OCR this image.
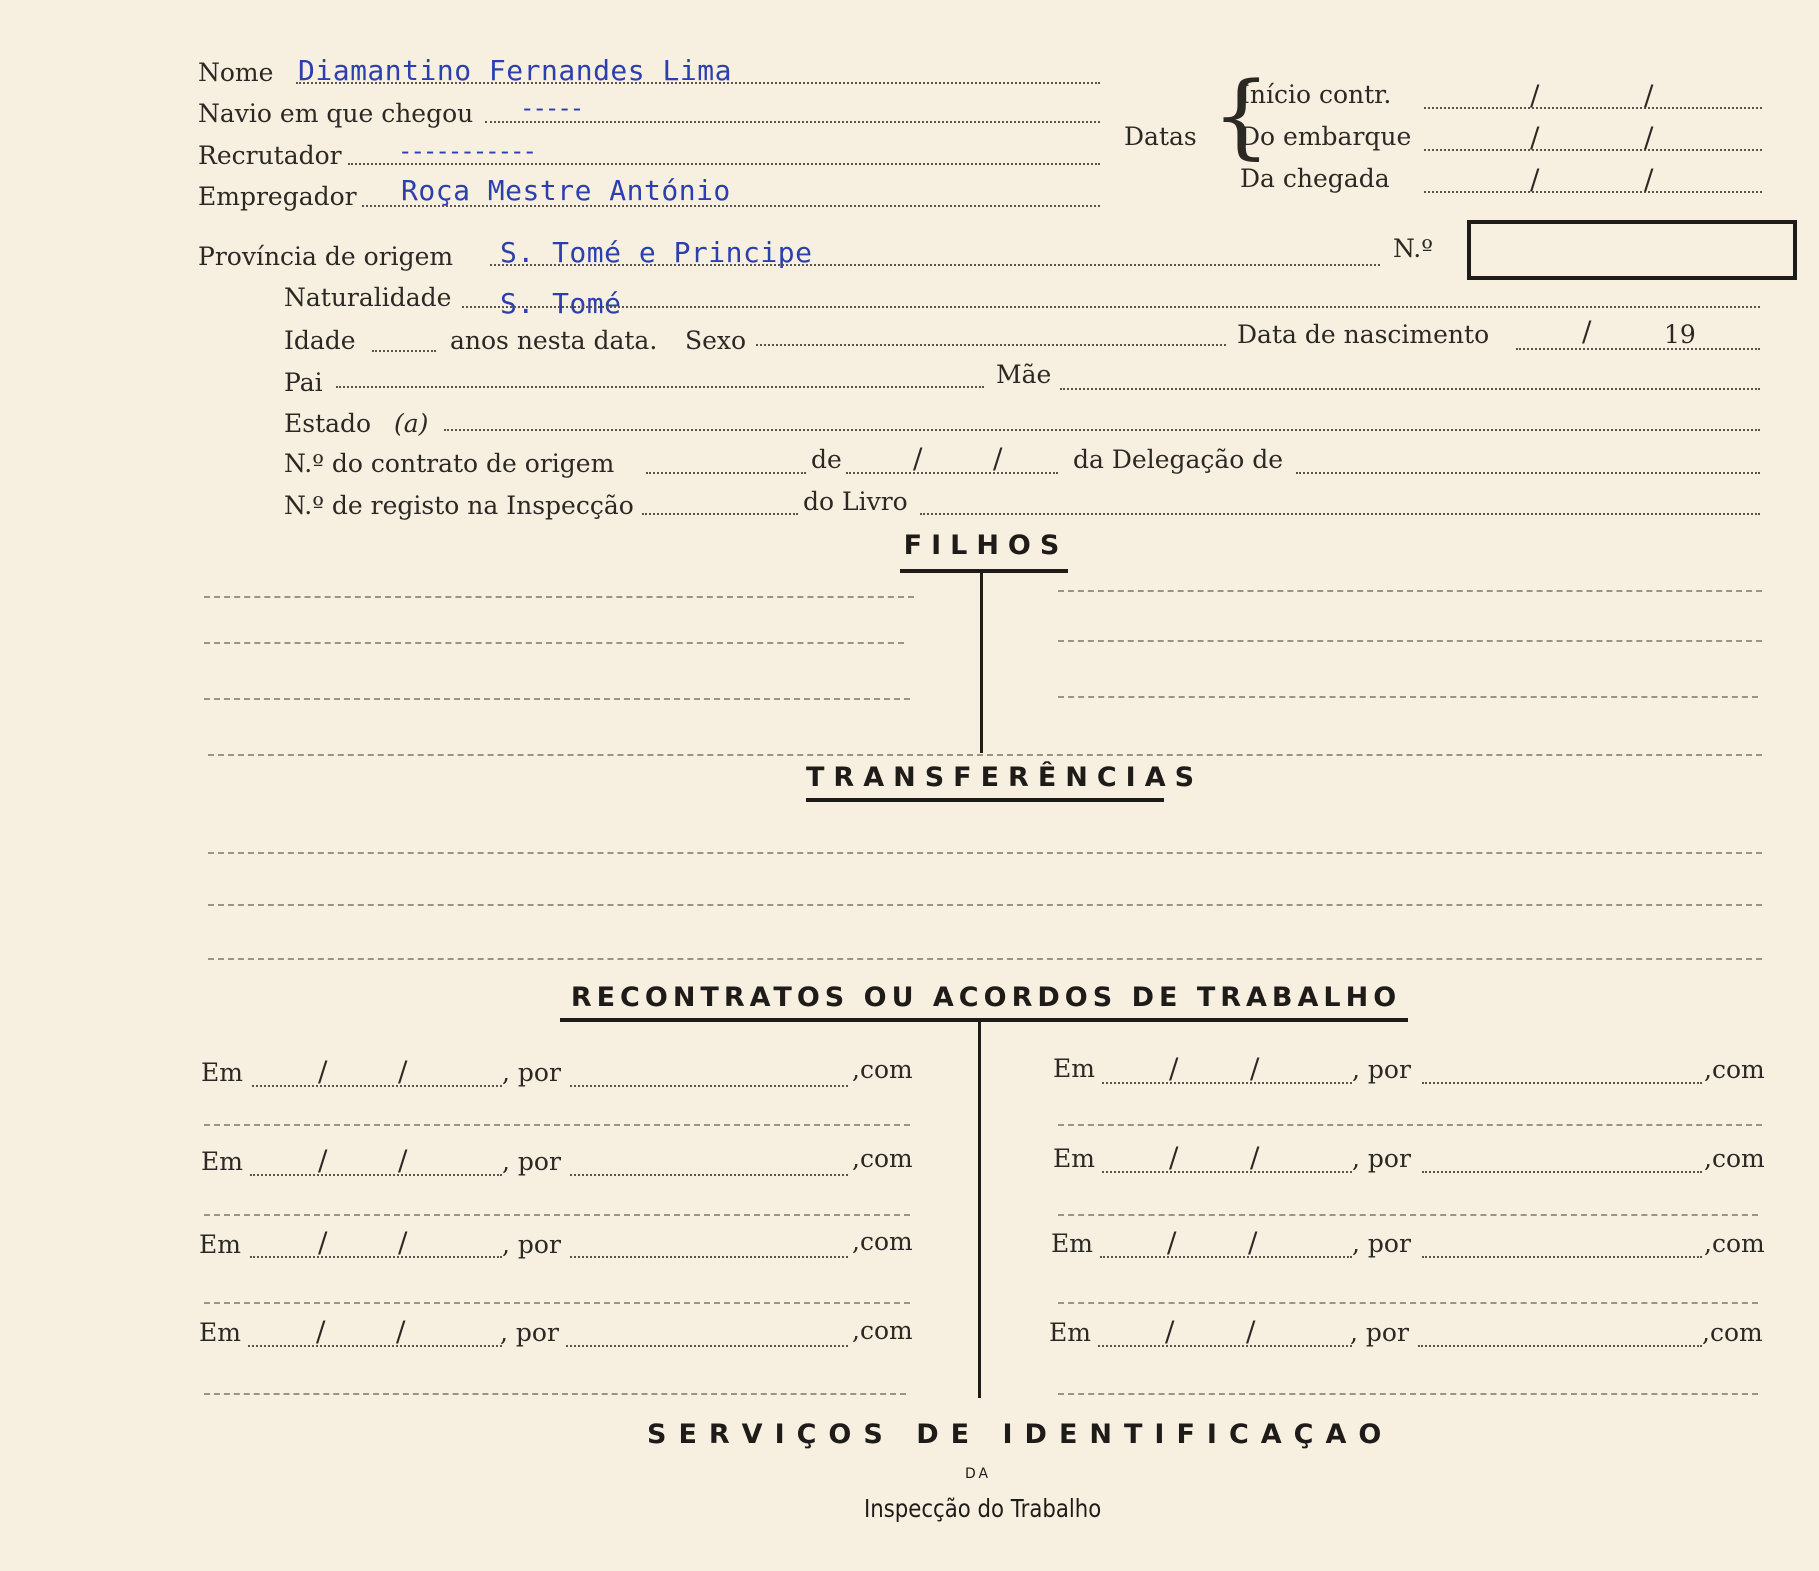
Nome Diamantino Fernandes Lima
Navio em que chegou -----
Recrutador -----------
Empregador Roça Mestre António
Datas {
Início contr.	/	/
Do embarque	/	/
Da chegada	/	/
Província de origem S. Tomé e Principe	N.º
Naturalidade S. Tomé
Idade	anos nesta data. Sexo	Data de nascimento	/	19
Pai	Mãe
Estado (a)
N.º do contrato de origem	de	/	/	da Delegação de
N.º de registo na Inspecção	do Livro
FILHOS
TRANSFERÊNCIAS
RECONTRATOS OU ACORDOS DE TRABALHO
Em	/	/	, por	,com
Em	/	/	, por	,com
Em	/	/	, por	,com
Em	/	/	, por	,com
Em	/	/	, por	,com
Em	/	/	, por	,com
Em	/	/	, por	,com
Em	/	/	, por	,com
SERVIÇOS DE IDENTIFICAÇAO
DA
Inspecção do Trabalho
